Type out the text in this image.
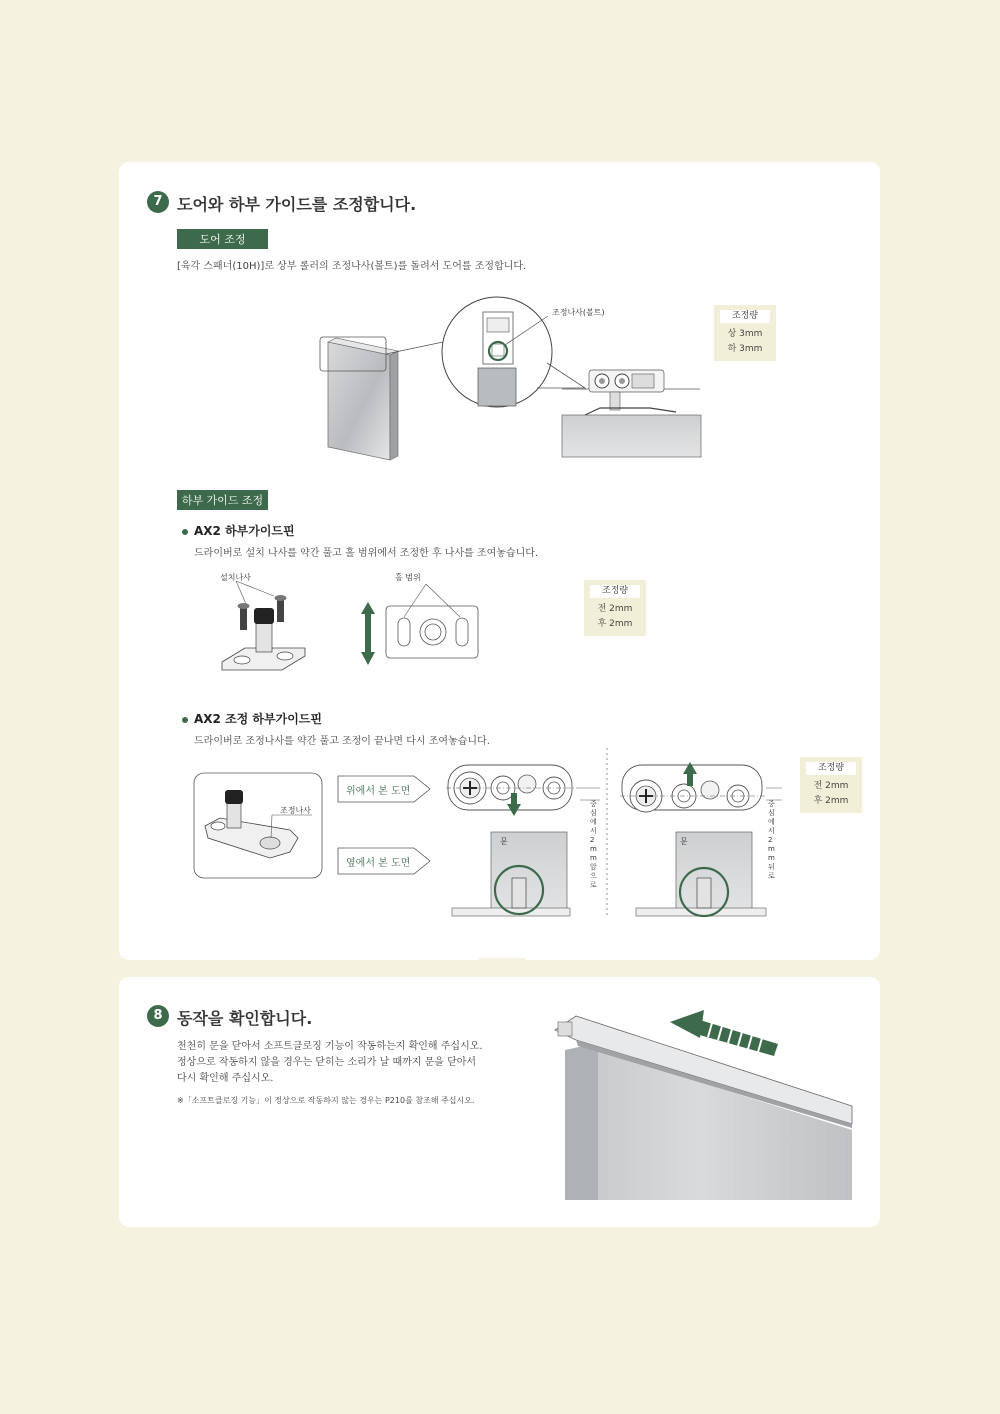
7 도어와 하부 가이드를 조정합니다.
도어 조정
[육각 스패너(10H)]로 상부 롤러의 조정나사(볼트)를 돌려서 도어를 조정합니다.
조정나사(볼트)	조정량
상 3mm
하 3mm
하부 가이드 조정
AX2 하부가이드핀
드라이버로 설치 나사를 약간 풀고 홀 범위에서 조정한 후 나사를 조여놓습니다.
설치나사	홀 범위
조정량
전 2mm
후 2mm
AX2 조정 하부가이드핀
드라이버로 조정나사를 약간 풀고 조정이 끝나면 다시 조여놓습니다.
조정나사
위에서 본 도면
옆에서 본 도면
문	문
중심에서 2mm 앞으로
중심에서 2mm 뒤로
조정량
전 2mm
후 2mm
8 동작을 확인합니다.
천천히 문을 닫아서 소프트클로징 기능이 작동하는지 확인해 주십시오.
정상으로 작동하지 않을 경우는 닫히는 소리가 날 때까지 문을 닫아서
다시 확인해 주십시오.
※「소프트클로징 기능」이 정상으로 작동하지 않는 경우는 P210를 참조해 주십시오.
